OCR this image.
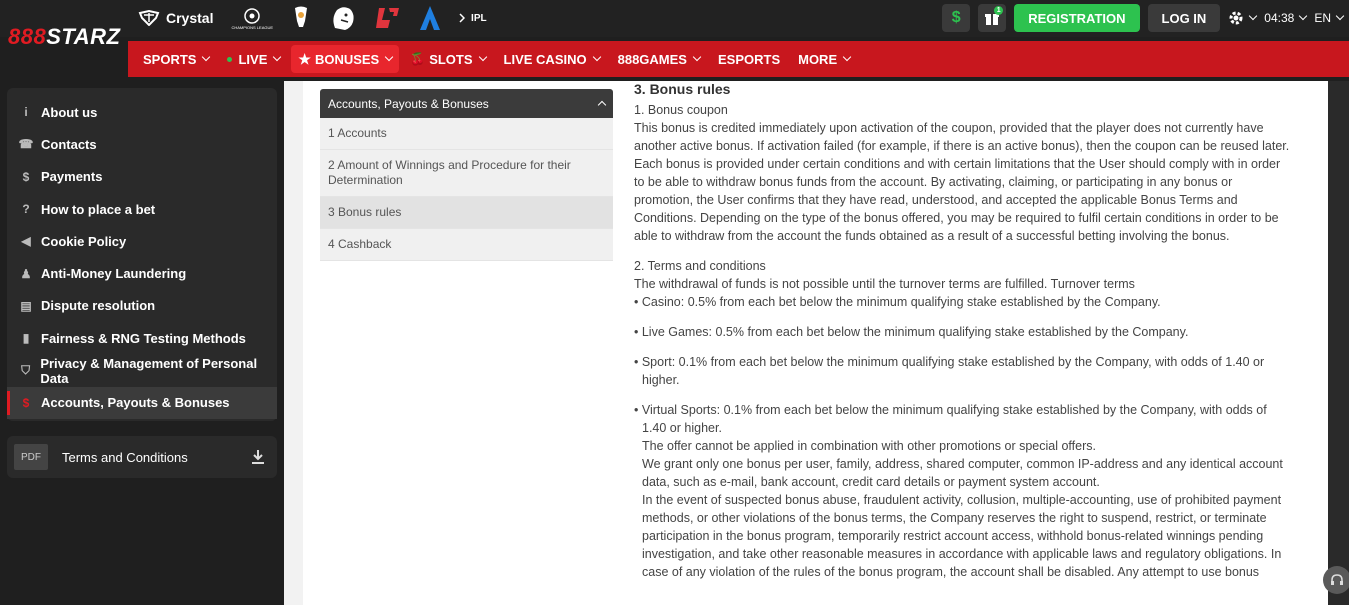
Crystal
CHAMPIONS LEAGUE
IPL	$	1	REGISTRATION	LOG IN	04:38 EN
888STARZ
SPORTS	LIVE ★ BONUSES	🍒 SLOTS LIVE CASINO 888GAMES ESPORTS MORE
i	About us
☎ Contacts
$ Payments
? How to place a bet
◀ Cookie Policy
♟ Anti-Money Laundering
▤ Dispute resolution
▮ Fairness & RNG Testing Methods
⛉ Privacy & Management of Personal Data
$ Accounts, Payouts & Bonuses
PDF	Terms and Conditions
Accounts, Payouts & Bonuses
1 Accounts
2 Amount of Winnings and Procedure for their Determination
3 Bonus rules
4 Cashback
3. Bonus rules

1. Bonus coupon

This bonus is credited immediately upon activation of the coupon, provided that the player does not currently have another active bonus. If activation failed (for example, if there is an active bonus), then the coupon can be reused later.

Each bonus is provided under certain conditions and with certain limitations that the User should comply with in order to be able to withdraw bonus funds from the account. By activating, claiming, or participating in any bonus or promotion, the User confirms that they have read, understood, and accepted the applicable Bonus Terms and Conditions. Depending on the type of the bonus offered, you may be required to fulfil certain conditions in order to be able to withdraw from the account the funds obtained as a result of a successful betting involving the bonus.

2. Terms and conditions

The withdrawal of funds is not possible until the turnover terms are fulfilled. Turnover terms

• Casino: 0.5% from each bet below the minimum qualifying stake established by the Company.

• Live Games: 0.5% from each bet below the minimum qualifying stake established by the Company.

• Sport: 0.1% from each bet below the minimum qualifying stake established by the Company, with odds of 1.40 or higher.

• Virtual Sports: 0.1% from each bet below the minimum qualifying stake established by the Company, with odds of 1.40 or higher.

The offer cannot be applied in combination with other promotions or special offers.

We grant only one bonus per user, family, address, shared computer, common IP-address and any identical account data, such as e-mail, bank account, credit card details or payment system account.

In the event of suspected bonus abuse, fraudulent activity, collusion, multiple-accounting, use of prohibited payment methods, or other violations of the bonus terms, the Company reserves the right to suspend, restrict, or terminate participation in the bonus program, temporarily restrict account access, withhold bonus-related winnings pending investigation, and take other reasonable measures in accordance with applicable laws and regulatory obligations. In case of any violation of the rules of the bonus program, the account shall be disabled. Any attempt to use bonus
